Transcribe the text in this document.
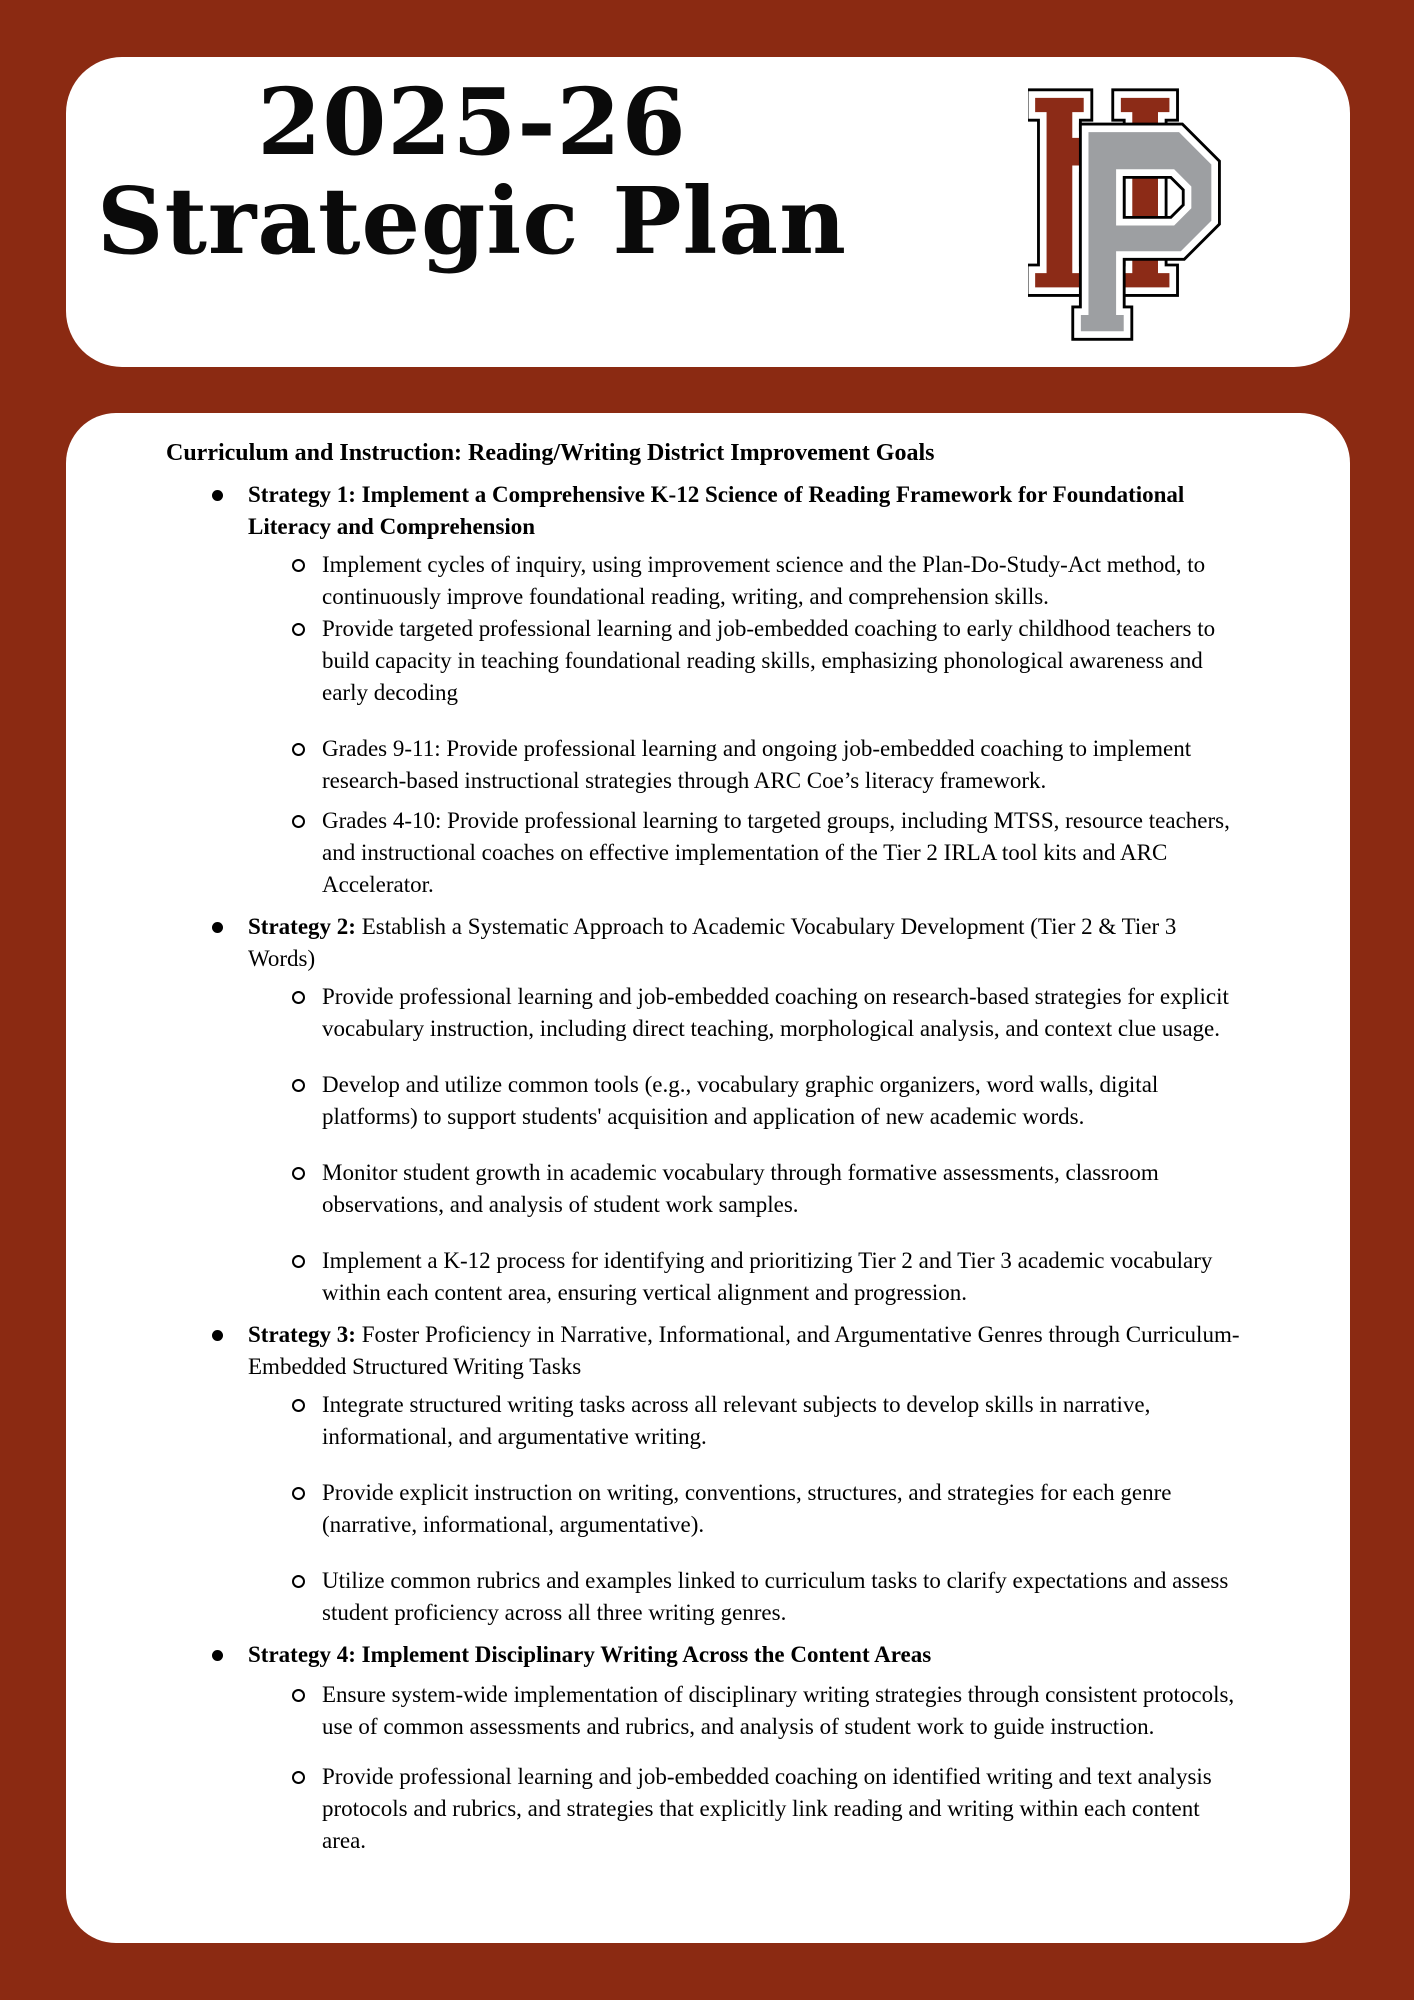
2025-26
Strategic Plan

Curriculum and Instruction: Reading/Writing District Improvement Goals

Strategy 1: Implement a Comprehensive K-12 Science of Reading Framework for Foundational Literacy and Comprehension
Implement cycles of inquiry, using improvement science and the Plan-Do-Study-Act method, to continuously improve foundational reading, writing, and comprehension skills.
Provide targeted professional learning and job-embedded coaching to early childhood teachers to build capacity in teaching foundational reading skills, emphasizing phonological awareness and early decoding
Grades 9-11: Provide professional learning and ongoing job-embedded coaching to implement research-based instructional strategies through ARC Coe’s literacy framework.
Grades 4-10: Provide professional learning to targeted groups, including MTSS, resource teachers, and instructional coaches on effective implementation of the Tier 2 IRLA tool kits and ARC Accelerator.
Strategy 2: Establish a Systematic Approach to Academic Vocabulary Development (Tier 2 & Tier 3 Words)
Provide professional learning and job-embedded coaching on research-based strategies for explicit vocabulary instruction, including direct teaching, morphological analysis, and context clue usage.
Develop and utilize common tools (e.g., vocabulary graphic organizers, word walls, digital platforms) to support students' acquisition and application of new academic words.
Monitor student growth in academic vocabulary through formative assessments, classroom observations, and analysis of student work samples.
Implement a K-12 process for identifying and prioritizing Tier 2 and Tier 3 academic vocabulary within each content area, ensuring vertical alignment and progression.
Strategy 3: Foster Proficiency in Narrative, Informational, and Argumentative Genres through Curriculum-Embedded Structured Writing Tasks
Integrate structured writing tasks across all relevant subjects to develop skills in narrative, informational, and argumentative writing.
Provide explicit instruction on writing, conventions, structures, and strategies for each genre (narrative, informational, argumentative).
Utilize common rubrics and examples linked to curriculum tasks to clarify expectations and assess student proficiency across all three writing genres.
Strategy 4: Implement Disciplinary Writing Across the Content Areas
Ensure system-wide implementation of disciplinary writing strategies through consistent protocols, use of common assessments and rubrics, and analysis of student work to guide instruction.
Provide professional learning and job-embedded coaching on identified writing and text analysis protocols and rubrics, and strategies that explicitly link reading and writing within each content area.
